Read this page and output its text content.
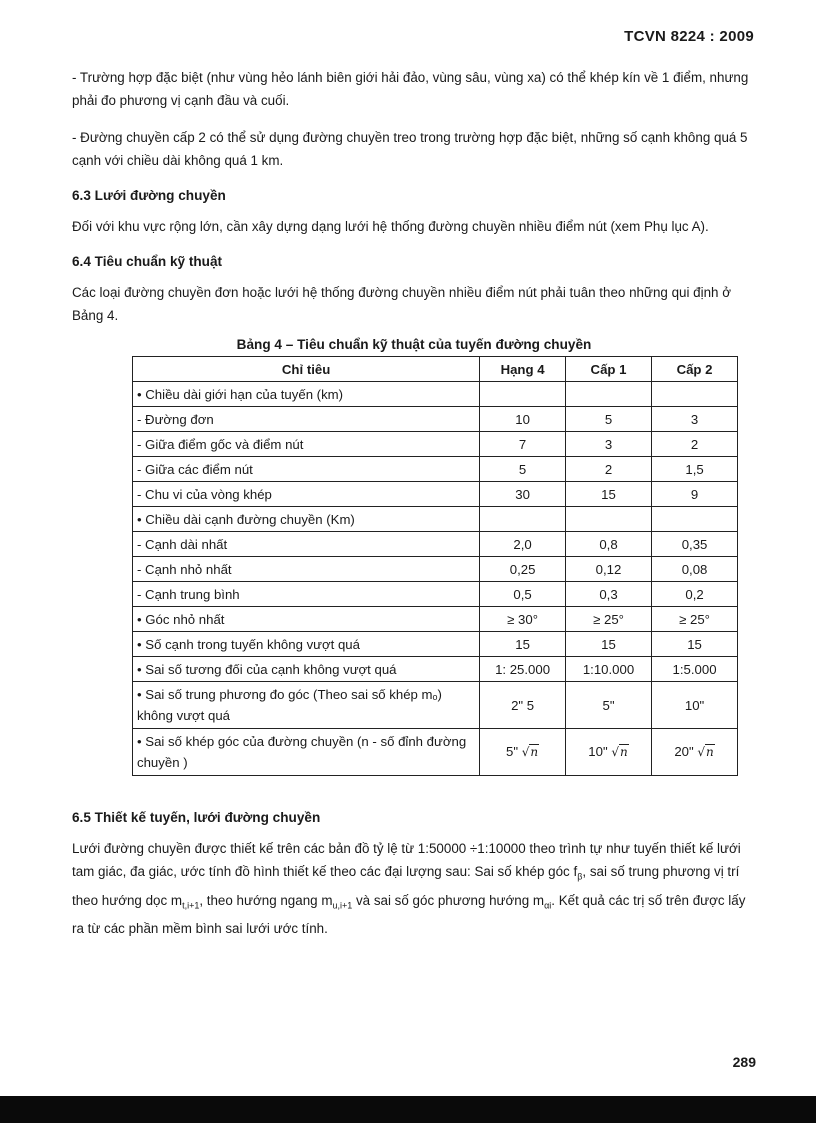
TCVN 8224 : 2009

- Trường hợp đặc biệt (như vùng hẻo lánh biên giới hải đảo, vùng sâu, vùng xa) có thể khép kín về 1 điểm, nhưng phải đo phương vị cạnh đầu và cuối.

- Đường chuyền cấp 2 có thể sử dụng đường chuyền treo trong trường hợp đặc biệt, những số cạnh không quá 5 cạnh với chiều dài không quá 1 km.

6.3 Lưới đường chuyền

Đối với khu vực rộng lớn, cần xây dựng dạng lưới hệ thống đường chuyền nhiều điểm nút (xem Phụ lục A).

6.4 Tiêu chuẩn kỹ thuật

Các loại đường chuyền đơn hoặc lưới hệ thống đường chuyền nhiều điểm nút phải tuân theo những qui định ở Bảng 4.

Bảng 4 – Tiêu chuẩn kỹ thuật của tuyến đường chuyền
Chỉ tiêu	Hạng 4	Cấp 1	Cấp 2
• Chiều dài giới hạn của tuyến (km)			
- Đường đơn	10	5	3
- Giữa điểm gốc và điểm nút	7	3	2
- Giữa các điểm nút	5	2	1,5
- Chu vi của vòng khép	30	15	9
• Chiều dài cạnh đường chuyền (Km)			
- Cạnh dài nhất	2,0	0,8	0,35
- Cạnh nhỏ nhất	0,25	0,12	0,08
- Cạnh trung bình	0,5	0,3	0,2
• Góc nhỏ nhất	≥ 30°	≥ 25°	≥ 25°
• Số cạnh trong tuyến không vượt quá	15	15	15
• Sai số tương đối của cạnh không vượt quá	1: 25.000	1:10.000	1:5.000
• Sai số trung phương đo góc (Theo sai số khép mₒ) không vượt quá	2" 5	5"	10"
• Sai số khép góc của đường chuyền (n - số đỉnh đường chuyền )	5" √n	10" √n	20" √n
6.5 Thiết kế tuyến, lưới đường chuyền

Lưới đường chuyền được thiết kế trên các bản đồ tỷ lệ từ 1:50000 ÷1:10000 theo trình tự như tuyến thiết kế lưới tam giác, đa giác, ước tính đồ hình thiết kế theo các đại lượng sau: Sai số khép góc $f_\beta$, sai số trung phương vị trí theo hướng dọc $m_{t,i+1}$, theo hướng ngang $m_{u,i+1}$ và sai số góc phương hướng $m_{\alpha i}$. Kết quả các trị số trên được lấy ra từ các phần mềm bình sai lưới ước tính.

289
